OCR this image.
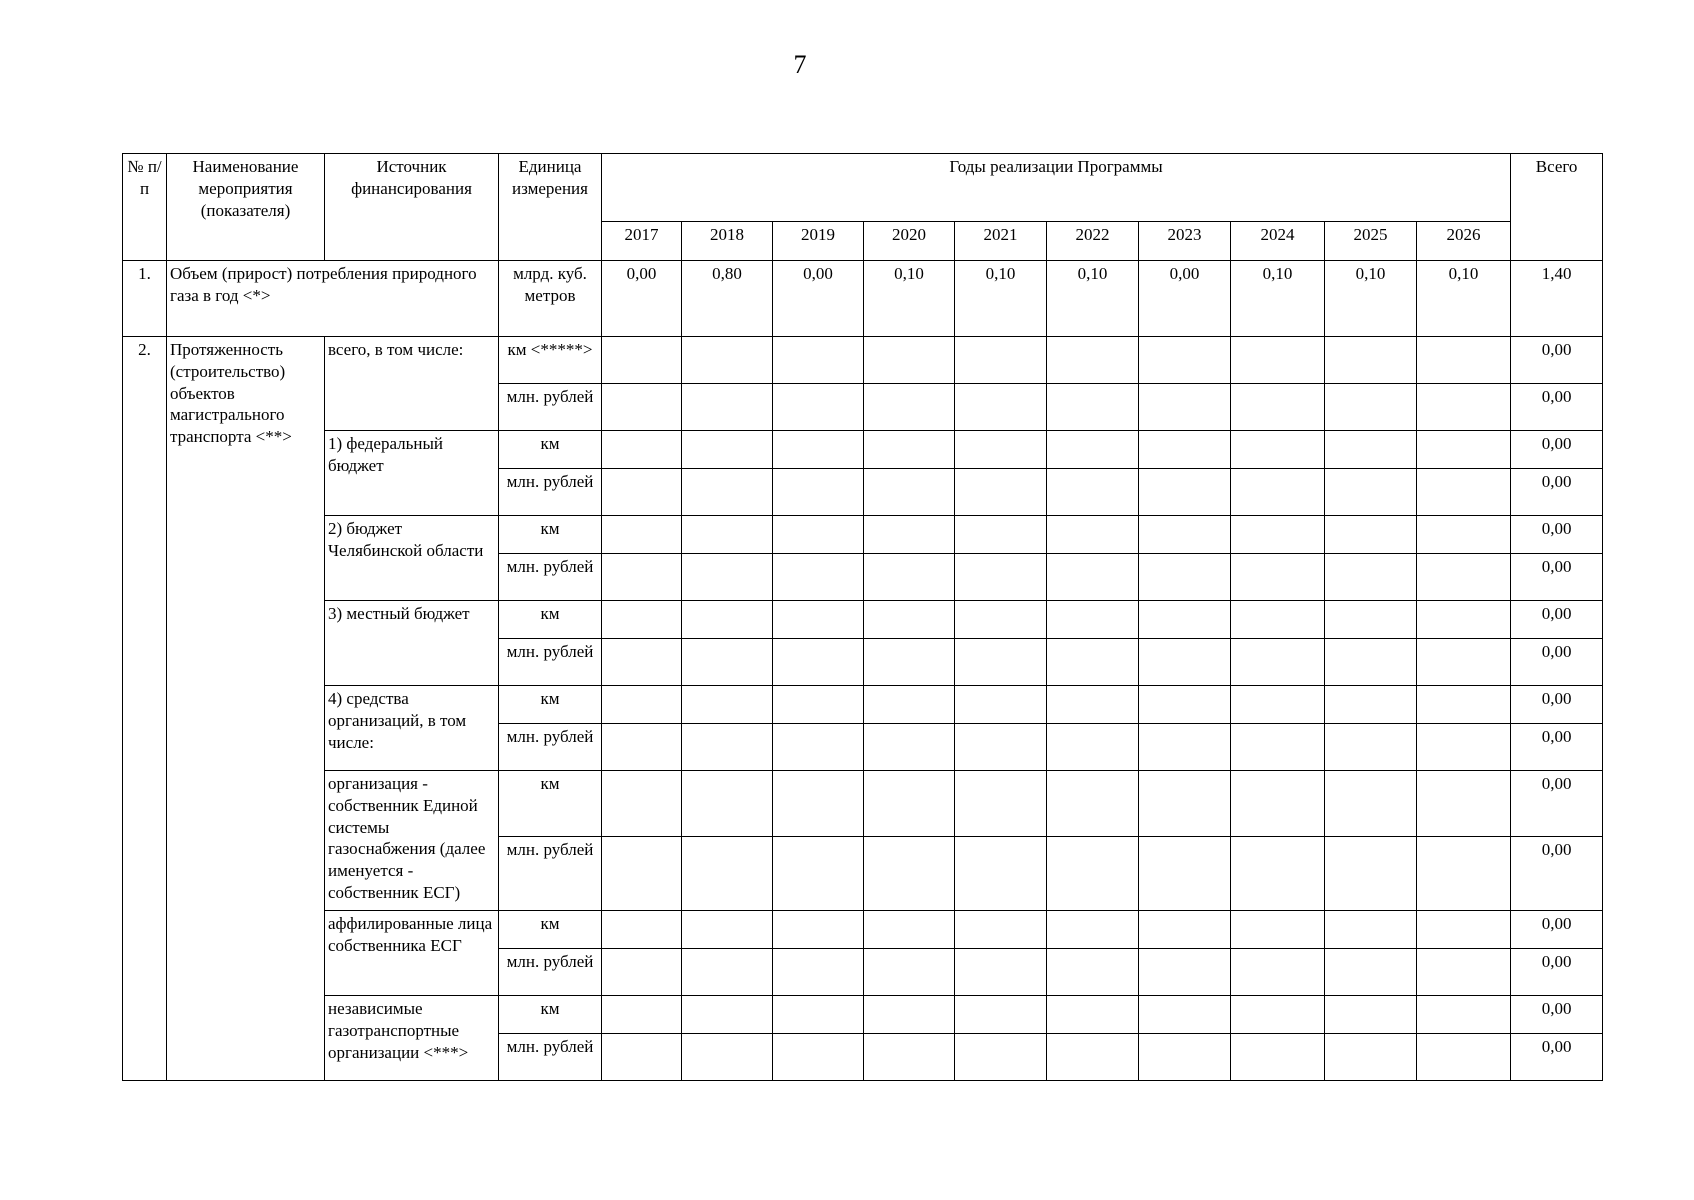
7
№ п/п	Наименование мероприятия (показателя)	Источник финансирования	Единица измерения	Годы реализации Программы										Всего
				2017	2018	2019	2020	2021	2022	2023	2024	2025	2026	
1.	Объем (прирост) потребления природного газа в год <*>		млрд. куб. метров	0,00	0,80	0,00	0,10	0,10	0,10	0,00	0,10	0,10	0,10	1,40
2.	Протяженность (строительство) объектов магистрального транспорта <**>	всего, в том числе:	км <*****>											0,00
			млн. рублей											0,00
		1) федеральный бюджет	км											0,00
			млн. рублей											0,00
		2) бюджет Челябинской области	км											0,00
			млн. рублей											0,00
		3) местный бюджет	км											0,00
			млн. рублей											0,00
		4) средства организаций, в том числе:	км											0,00
			млн. рублей											0,00
		организация - собственник Единой системы газоснабжения (далее именуется - собственник ЕСГ)	км											0,00
			млн. рублей											0,00
		аффилированные лица собственника ЕСГ	км											0,00
			млн. рублей											0,00
		независимые газотранспортные организации <***>	км											0,00
			млн. рублей											0,00
